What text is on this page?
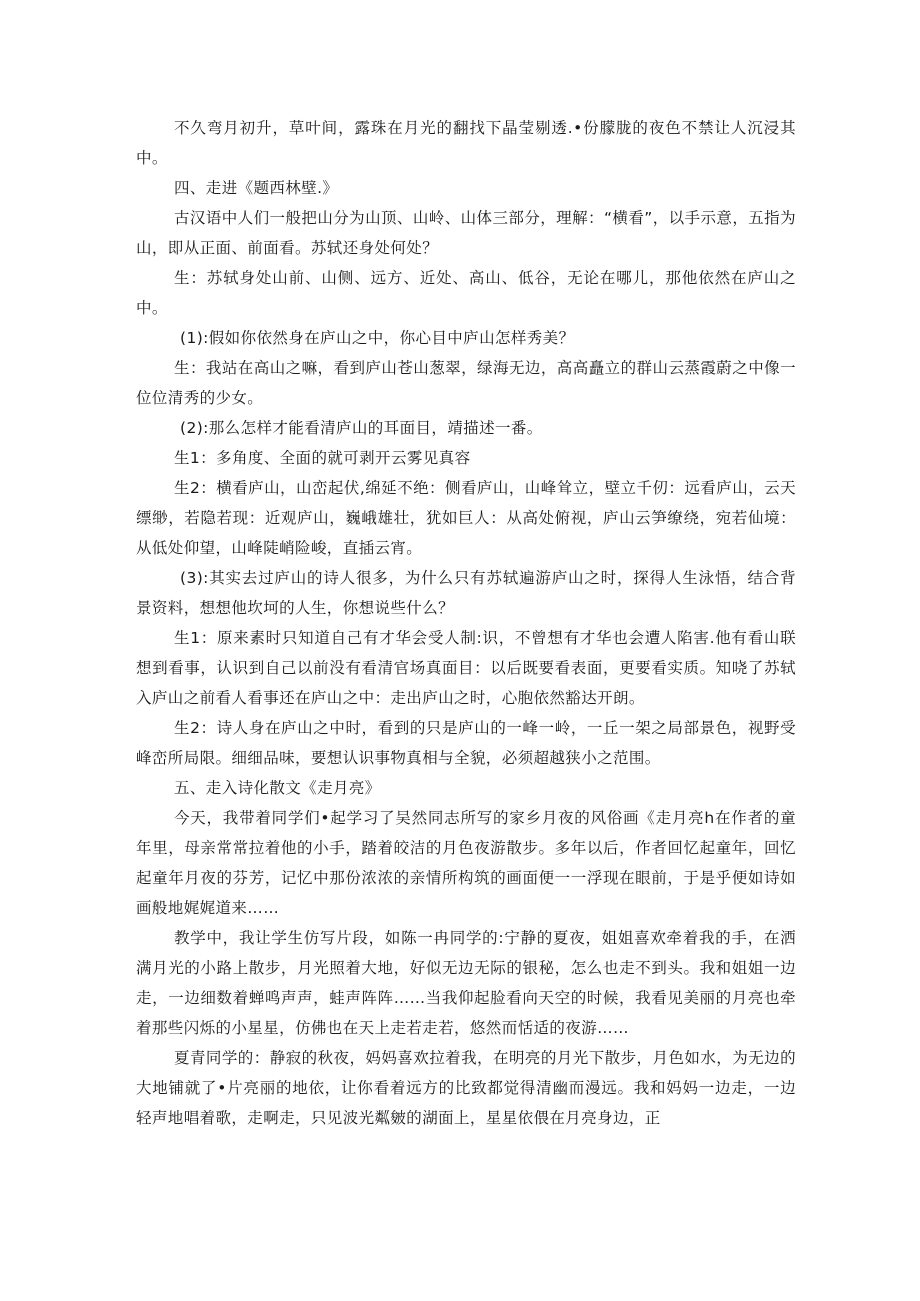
不久弯月初升，草叶间，露珠在月光的翻找下晶莹剔透.•份朦胧的夜色不禁让人沉浸其中。

四、走进《题西林壁.》

古汉语中人们一般把山分为山顶、山岭、山体三部分，理解：“横看”，以手示意，五指为山，即从正面、前面看。苏轼还身处何处？

生：苏轼身处山前、山侧、远方、近处、高山、低谷，无论在哪儿，那他依然在庐山之中。

(1):假如你依然身在庐山之中，你心目中庐山怎样秀美？

生：我站在高山之嘛，看到庐山苍山葱翠，绿海无边，高高矗立的群山云蒸霞蔚之中像一位位清秀的少女。

(2):那么怎样才能看清庐山的耳面目，靖描述一番。

生1：多角度、全面的就可剥开云雾见真容

生2：横看庐山，山峦起伏,绵延不绝：侧看庐山，山峰耸立，壁立千仞：远看庐山，云天缥缈，若隐若现：近观庐山，巍峨雄壮，犹如巨人：从高处俯视，庐山云笋缭绕，宛若仙境：从低处仰望，山峰陡峭险峻，直插云宵。

(3):其实去过庐山的诗人很多，为什么只有苏轼遍游庐山之时，探得人生泳悟，结合背景资料，想想他坎坷的人生，你想说些什么？

生1：原来素时只知道自己有才华会受人制:识，不曾想有才华也会遭人陷害.他有看山联想到看事，认识到自己以前没有看清官场真面目：以后既要看表面，更要看实质。知哓了苏轼入庐山之前看人看事还在庐山之中：走出庐山之时，心胞依然豁达开朗。

生2：诗人身在庐山之中时，看到的只是庐山的一峰一岭，一丘一架之局部景色，视野受峰峦所局限。细细品味，要想认识事物真相与全貌，必须超越狭小之范围。

五、走入诗化散文《走月亮》

今天，我带着同学们•起学习了吴然同志所写的家乡月夜的风俗画《走月亮h在作者的童年里，母亲常常拉着他的小手，踏着皎洁的月色夜游散步。多年以后，作者回忆起童年，回忆起童年月夜的芬芳，记忆中那份浓浓的亲情所构筑的画面便一一浮现在眼前，于是乎便如诗如画般地娓娓道来……

教学中，我让学生仿写片段，如陈一冉同学的:宁静的夏夜，姐姐喜欢牵着我的手，在洒满月光的小路上散步，月光照着大地，好似无边无际的银秘，怎么也走不到头。我和姐姐一边走，一边细数着蝉鸣声声，蛙声阵阵……当我仰起脸看向天空的时候，我看见美丽的月亮也牵着那些闪烁的小星星，仿佛也在天上走若走若，悠然而恬适的夜游……

夏青同学的：静寂的秋夜，妈妈喜欢拉着我，在明亮的月光下散步，月色如水，为无边的大地铺就了•片亮丽的地依，让你看着远方的比致都觉得清幽而漫远。我和妈妈一边走，一边轻声地唱着歌，走啊走，只见波光粼皴的湖面上，星星依偎在月亮身边，正
